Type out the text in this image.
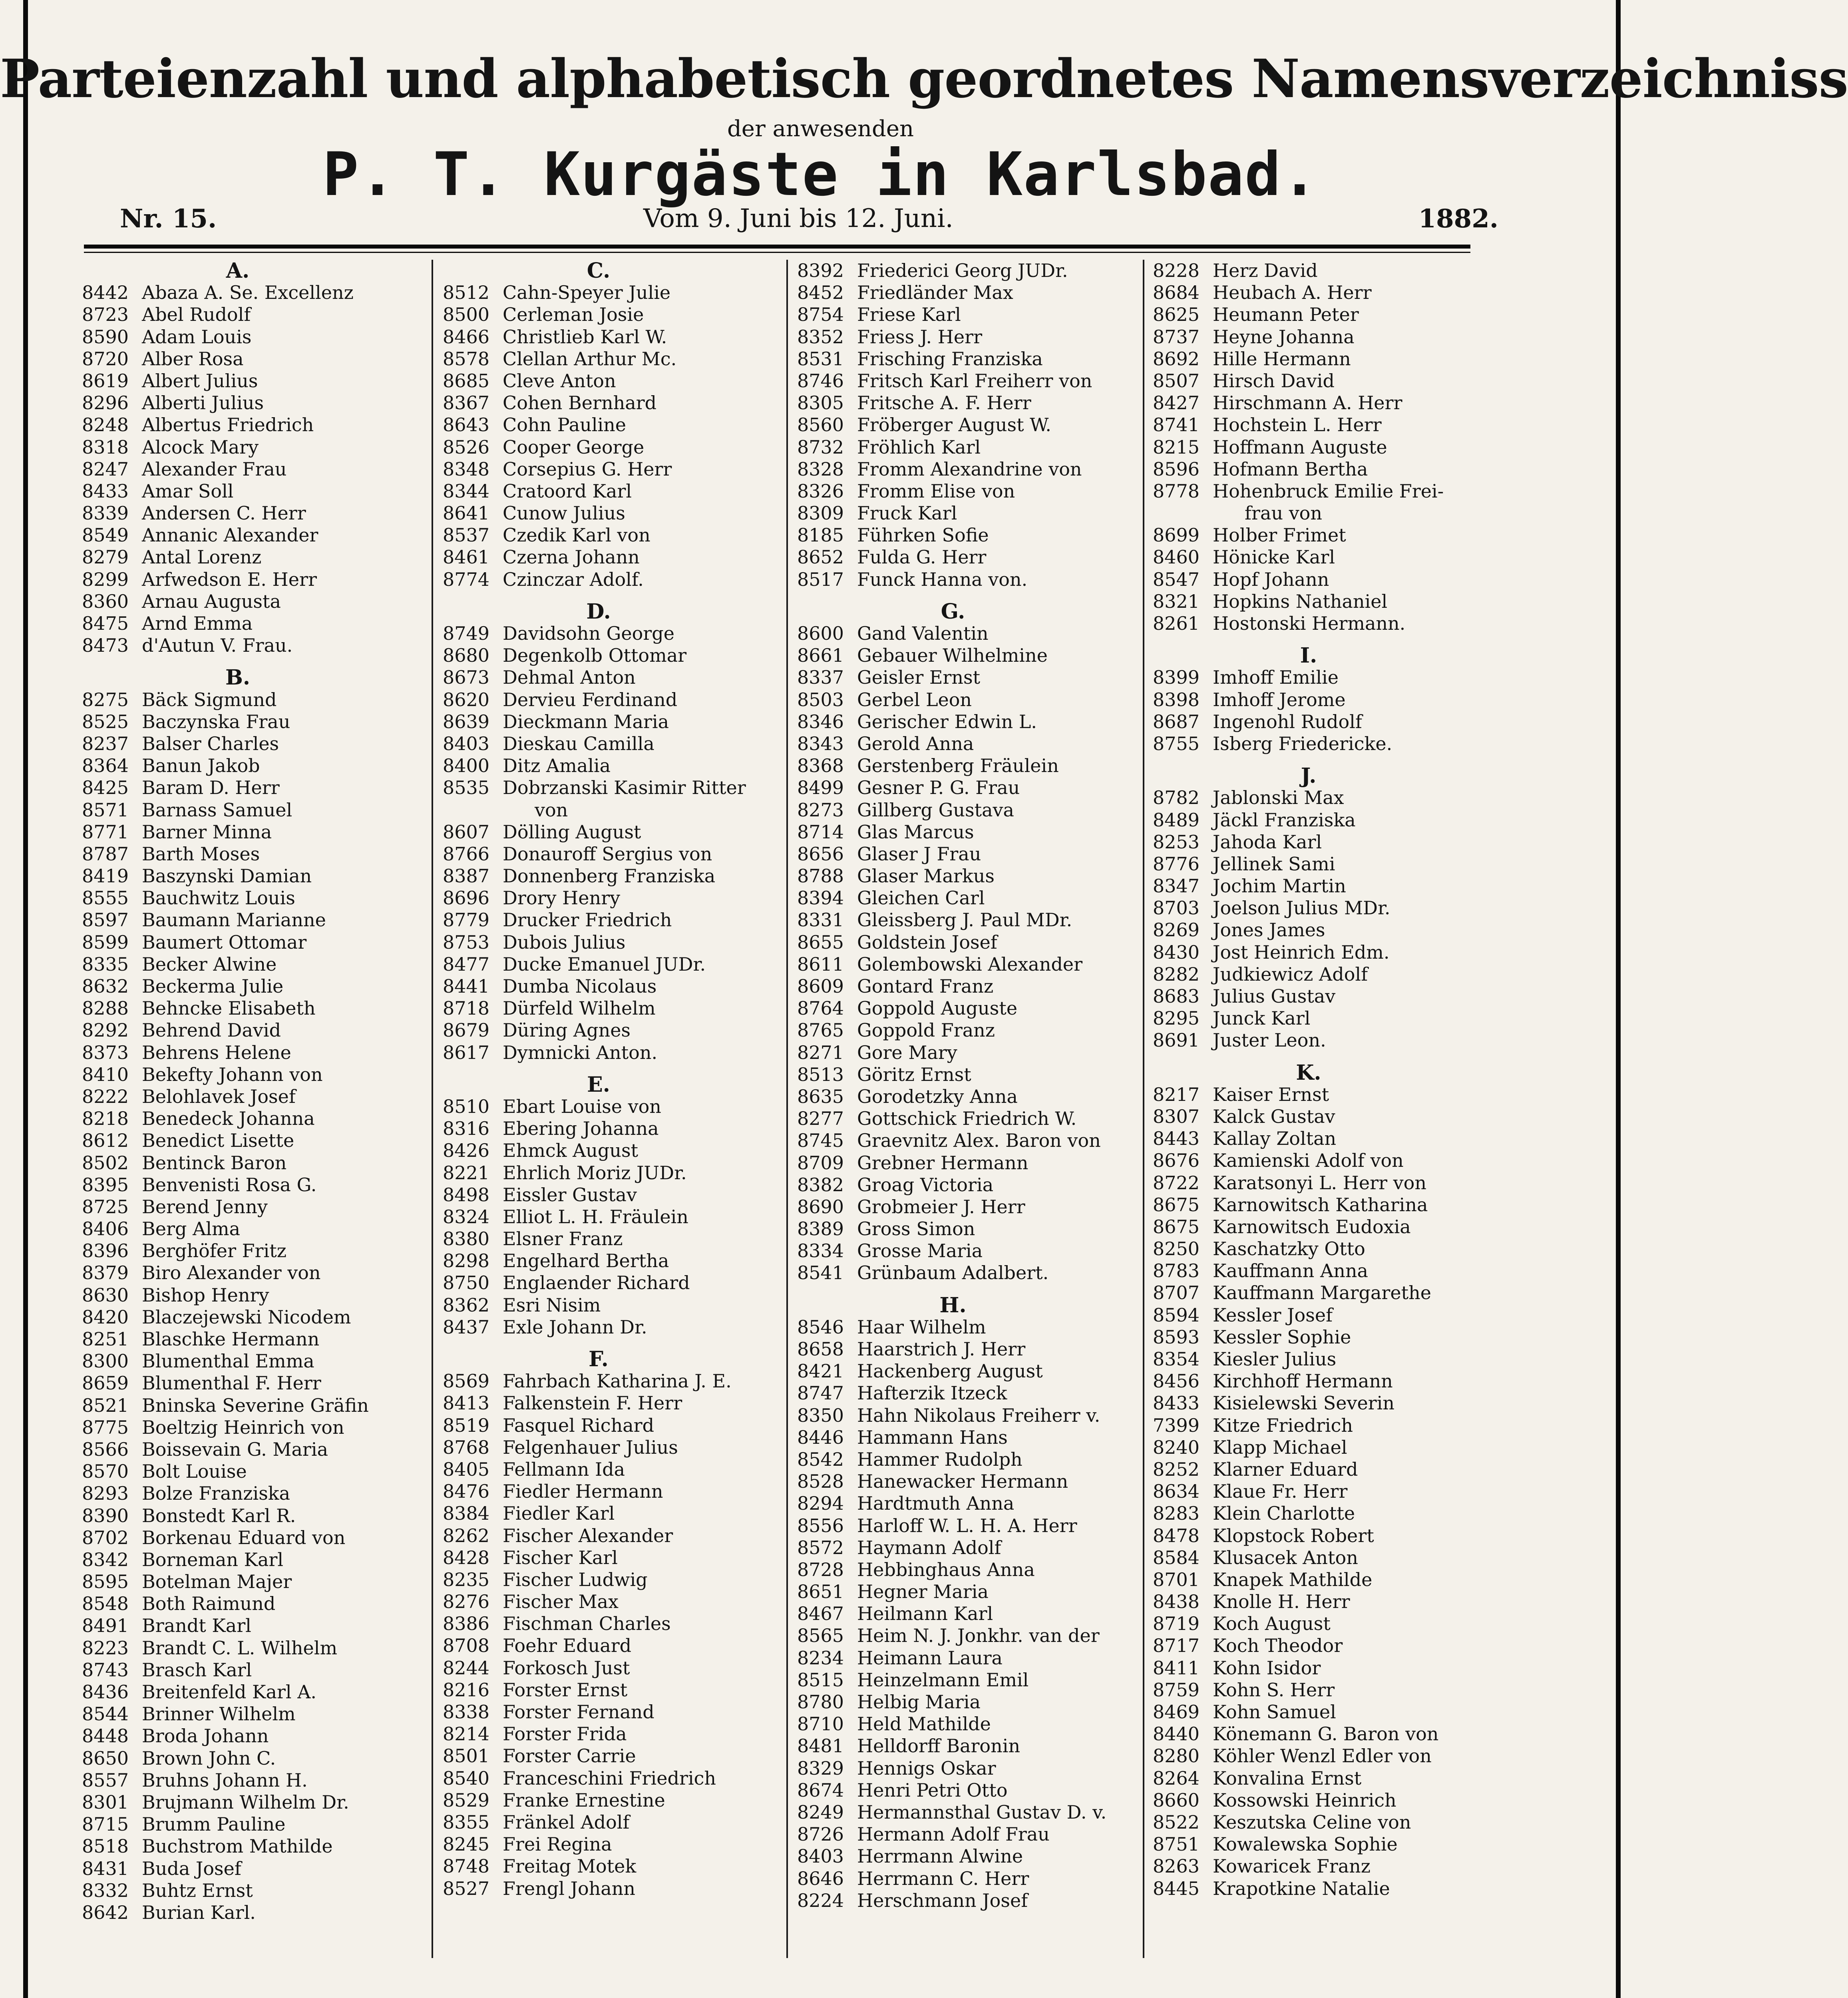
Parteienzahl und alphabetisch geordnetes Namensverzeichniss
der anwesenden
P. T. Kurgäste in Karlsbad.
Nr. 15.	Vom 9. Juni bis 12. Juni.	1882.
A.
8442 Abaza A. Se. Excellenz
8723 Abel Rudolf
8590 Adam Louis
8720 Alber Rosa
8619 Albert Julius
8296 Alberti Julius
8248 Albertus Friedrich
8318 Alcock Mary
8247 Alexander Frau
8433 Amar Soll
8339 Andersen C. Herr
8549 Annanic Alexander
8279 Antal Lorenz
8299 Arfwedson E. Herr
8360 Arnau Augusta
8475 Arnd Emma
8473 d'Autun V. Frau.
B.
8275 Bäck Sigmund
8525 Baczynska Frau
8237 Balser Charles
8364 Banun Jakob
8425 Baram D. Herr
8571 Barnass Samuel
8771 Barner Minna
8787 Barth Moses
8419 Baszynski Damian
8555 Bauchwitz Louis
8597 Baumann Marianne
8599 Baumert Ottomar
8335 Becker Alwine
8632 Beckerma Julie
8288 Behncke Elisabeth
8292 Behrend David
8373 Behrens Helene
8410 Bekefty Johann von
8222 Belohlavek Josef
8218 Benedeck Johanna
8612 Benedict Lisette
8502 Bentinck Baron
8395 Benvenisti Rosa G.
8725 Berend Jenny
8406 Berg Alma
8396 Berghöfer Fritz
8379 Biro Alexander von
8630 Bishop Henry
8420 Blaczejewski Nicodem
8251 Blaschke Hermann
8300 Blumenthal Emma
8659 Blumenthal F. Herr
8521 Bninska Severine Gräfin
8775 Boeltzig Heinrich von
8566 Boissevain G. Maria
8570 Bolt Louise
8293 Bolze Franziska
8390 Bonstedt Karl R.
8702 Borkenau Eduard von
8342 Borneman Karl
8595 Botelman Majer
8548 Both Raimund
8491 Brandt Karl
8223 Brandt C. L. Wilhelm
8743 Brasch Karl
8436 Breitenfeld Karl A.
8544 Brinner Wilhelm
8448 Broda Johann
8650 Brown John C.
8557 Bruhns Johann H.
8301 Brujmann Wilhelm Dr.
8715 Brumm Pauline
8518 Buchstrom Mathilde
8431 Buda Josef
8332 Buhtz Ernst
8642 Burian Karl.
C.
8512 Cahn-Speyer Julie
8500 Cerleman Josie
8466 Christlieb Karl W.
8578 Clellan Arthur Mc.
8685 Cleve Anton
8367 Cohen Bernhard
8643 Cohn Pauline
8526 Cooper George
8348 Corsepius G. Herr
8344 Cratoord Karl
8641 Cunow Julius
8537 Czedik Karl von
8461 Czerna Johann
8774 Czinczar Adolf.
D.
8749 Davidsohn George
8680 Degenkolb Ottomar
8673 Dehmal Anton
8620 Dervieu Ferdinand
8639 Dieckmann Maria
8403 Dieskau Camilla
8400 Ditz Amalia
8535 Dobrzanski Kasimir Ritter
von
8607 Dölling August
8766 Donauroff Sergius von
8387 Donnenberg Franziska
8696 Drory Henry
8779 Drucker Friedrich
8753 Dubois Julius
8477 Ducke Emanuel JUDr.
8441 Dumba Nicolaus
8718 Dürfeld Wilhelm
8679 Düring Agnes
8617 Dymnicki Anton.
E.
8510 Ebart Louise von
8316 Ebering Johanna
8426 Ehmck August
8221 Ehrlich Moriz JUDr.
8498 Eissler Gustav
8324 Elliot L. H. Fräulein
8380 Elsner Franz
8298 Engelhard Bertha
8750 Englaender Richard
8362 Esri Nisim
8437 Exle Johann Dr.
F.
8569 Fahrbach Katharina J. E.
8413 Falkenstein F. Herr
8519 Fasquel Richard
8768 Felgenhauer Julius
8405 Fellmann Ida
8476 Fiedler Hermann
8384 Fiedler Karl
8262 Fischer Alexander
8428 Fischer Karl
8235 Fischer Ludwig
8276 Fischer Max
8386 Fischman Charles
8708 Foehr Eduard
8244 Forkosch Just
8216 Forster Ernst
8338 Forster Fernand
8214 Forster Frida
8501 Forster Carrie
8540 Franceschini Friedrich
8529 Franke Ernestine
8355 Fränkel Adolf
8245 Frei Regina
8748 Freitag Motek
8527 Frengl Johann
8392 Friederici Georg JUDr.
8452 Friedländer Max
8754 Friese Karl
8352 Friess J. Herr
8531 Frisching Franziska
8746 Fritsch Karl Freiherr von
8305 Fritsche A. F. Herr
8560 Fröberger August W.
8732 Fröhlich Karl
8328 Fromm Alexandrine von
8326 Fromm Elise von
8309 Fruck Karl
8185 Führken Sofie
8652 Fulda G. Herr
8517 Funck Hanna von.
G.
8600 Gand Valentin
8661 Gebauer Wilhelmine
8337 Geisler Ernst
8503 Gerbel Leon
8346 Gerischer Edwin L.
8343 Gerold Anna
8368 Gerstenberg Fräulein
8499 Gesner P. G. Frau
8273 Gillberg Gustava
8714 Glas Marcus
8656 Glaser J Frau
8788 Glaser Markus
8394 Gleichen Carl
8331 Gleissberg J. Paul MDr.
8655 Goldstein Josef
8611 Golembowski Alexander
8609 Gontard Franz
8764 Goppold Auguste
8765 Goppold Franz
8271 Gore Mary
8513 Göritz Ernst
8635 Gorodetzky Anna
8277 Gottschick Friedrich W.
8745 Graevnitz Alex. Baron von
8709 Grebner Hermann
8382 Groag Victoria
8690 Grobmeier J. Herr
8389 Gross Simon
8334 Grosse Maria
8541 Grünbaum Adalbert.
H.
8546 Haar Wilhelm
8658 Haarstrich J. Herr
8421 Hackenberg August
8747 Hafterzik Itzeck
8350 Hahn Nikolaus Freiherr v.
8446 Hammann Hans
8542 Hammer Rudolph
8528 Hanewacker Hermann
8294 Hardtmuth Anna
8556 Harloff W. L. H. A. Herr
8572 Haymann Adolf
8728 Hebbinghaus Anna
8651 Hegner Maria
8467 Heilmann Karl
8565 Heim N. J. Jonkhr. van der
8234 Heimann Laura
8515 Heinzelmann Emil
8780 Helbig Maria
8710 Held Mathilde
8481 Helldorff Baronin
8329 Hennigs Oskar
8674 Henri Petri Otto
8249 Hermannsthal Gustav D. v.
8726 Hermann Adolf Frau
8403 Herrmann Alwine
8646 Herrmann C. Herr
8224 Herschmann Josef
8228 Herz David
8684 Heubach A. Herr
8625 Heumann Peter
8737 Heyne Johanna
8692 Hille Hermann
8507 Hirsch David
8427 Hirschmann A. Herr
8741 Hochstein L. Herr
8215 Hoffmann Auguste
8596 Hofmann Bertha
8778 Hohenbruck Emilie Frei-
frau von
8699 Holber Frimet
8460 Hönicke Karl
8547 Hopf Johann
8321 Hopkins Nathaniel
8261 Hostonski Hermann.
I.
8399 Imhoff Emilie
8398 Imhoff Jerome
8687 Ingenohl Rudolf
8755 Isberg Friedericke.
J.
8782 Jablonski Max
8489 Jäckl Franziska
8253 Jahoda Karl
8776 Jellinek Sami
8347 Jochim Martin
8703 Joelson Julius MDr.
8269 Jones James
8430 Jost Heinrich Edm.
8282 Judkiewicz Adolf
8683 Julius Gustav
8295 Junck Karl
8691 Juster Leon.
K.
8217 Kaiser Ernst
8307 Kalck Gustav
8443 Kallay Zoltan
8676 Kamienski Adolf von
8722 Karatsonyi L. Herr von
8675 Karnowitsch Katharina
8675 Karnowitsch Eudoxia
8250 Kaschatzky Otto
8783 Kauffmann Anna
8707 Kauffmann Margarethe
8594 Kessler Josef
8593 Kessler Sophie
8354 Kiesler Julius
8456 Kirchhoff Hermann
8433 Kisielewski Severin
7399 Kitze Friedrich
8240 Klapp Michael
8252 Klarner Eduard
8634 Klaue Fr. Herr
8283 Klein Charlotte
8478 Klopstock Robert
8584 Klusacek Anton
8701 Knapek Mathilde
8438 Knolle H. Herr
8719 Koch August
8717 Koch Theodor
8411 Kohn Isidor
8759 Kohn S. Herr
8469 Kohn Samuel
8440 Könemann G. Baron von
8280 Köhler Wenzl Edler von
8264 Konvalina Ernst
8660 Kossowski Heinrich
8522 Keszutska Celine von
8751 Kowalewska Sophie
8263 Kowaricek Franz
8445 Krapotkine Natalie
